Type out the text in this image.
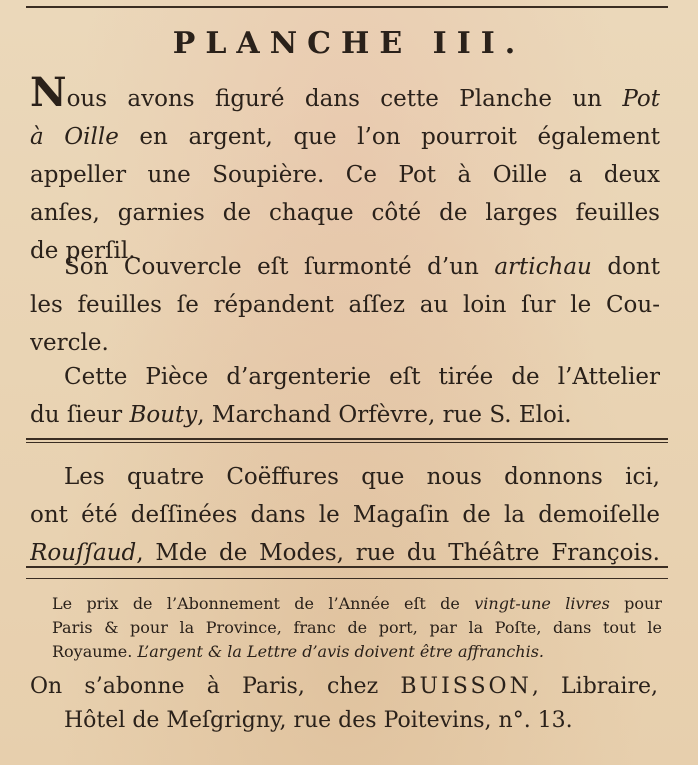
PLANCHE III.
Nous avons figuré dans cette Planche un Pot
à Oille en argent, que l’on pourroit également
appeller une Soupière. Ce Pot à Oille a deux
anſes, garnies de chaque côté de larges feuilles
de perſil.
Son Couvercle eſt ſurmonté d’un artichau dont
les feuilles ſe répandent aſſez au loin ſur le Cou-
vercle.
Cette Pièce d’argenterie eſt tirée de l’Attelier
du ſieur Bouty, Marchand Orfèvre, rue S. Eloi.
Les quatre Coëffures que nous donnons ici,
ont été deſſinées dans le Magaſin de la demoiſelle
Rouſſaud, Mde de Modes, rue du Théâtre François.
Le prix de l’Abonnement de l’Année eſt de vingt-une livres pour
Paris & pour la Province, franc de port, par la Poſte, dans tout le
Royaume. L’argent & la Lettre d’avis doivent être affranchis.
On s’abonne à Paris, chez BUISSON, Libraire,
Hôtel de Meſgrigny, rue des Poitevins, n°. 13.
